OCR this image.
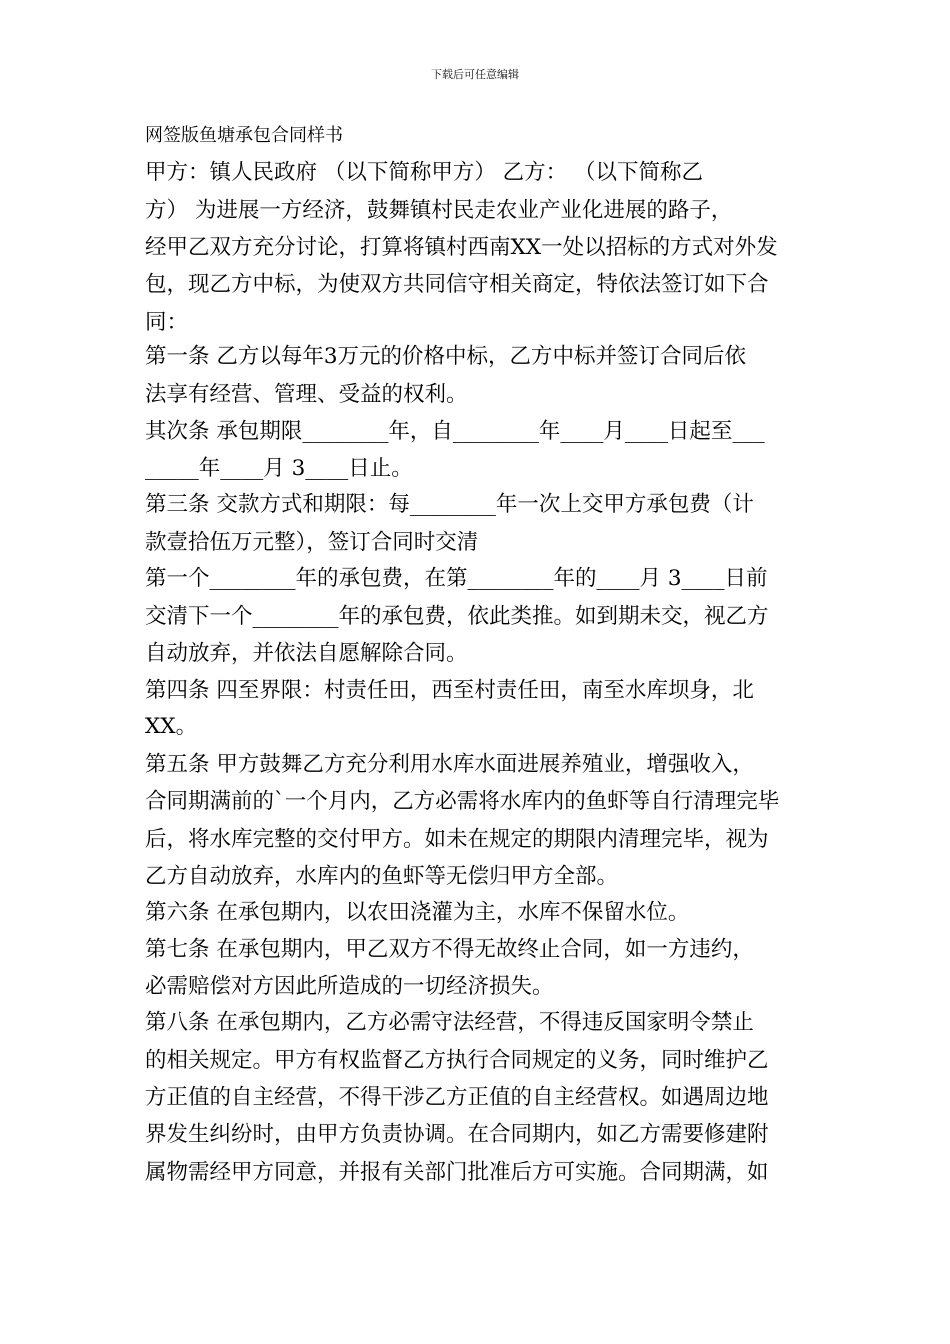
下载后可任意编辑
网签版鱼塘承包合同样书
甲方：镇人民政府 （以下简称甲方） 乙方： （以下简称乙
方） 为进展一方经济，鼓舞镇村民走农业产业化进展的路子，
经甲乙双方充分讨论，打算将镇村西南XX一处以招标的方式对外发
包，现乙方中标，为使双方共同信守相关商定，特依法签订如下合
同：
第一条 乙方以每年3万元的价格中标，乙方中标并签订合同后依
法享有经营、管理、受益的权利。
其次条 承包期限________年，自________年____月____日起至___
_____年____月 3____日止。
第三条 交款方式和期限：每________年一次上交甲方承包费（计
款壹拾伍万元整），签订合同时交清
第一个________年的承包费，在第________年的____月 3____日前
交清下一个________年的承包费，依此类推。如到期未交，视乙方
自动放弃，并依法自愿解除合同。
第四条 四至界限：村责任田，西至村责任田，南至水库坝身，北
XX。
第五条 甲方鼓舞乙方充分利用水库水面进展养殖业，增强收入，
合同期满前的`一个月内，乙方必需将水库内的鱼虾等自行清理完毕
后，将水库完整的交付甲方。如未在规定的期限内清理完毕，视为
乙方自动放弃，水库内的鱼虾等无偿归甲方全部。
第六条 在承包期内，以农田浇灌为主，水库不保留水位。
第七条 在承包期内，甲乙双方不得无故终止合同，如一方违约，
必需赔偿对方因此所造成的一切经济损失。
第八条 在承包期内，乙方必需守法经营，不得违反国家明令禁止
的相关规定。甲方有权监督乙方执行合同规定的义务，同时维护乙
方正值的自主经营，不得干涉乙方正值的自主经营权。如遇周边地
界发生纠纷时，由甲方负责协调。在合同期内，如乙方需要修建附
属物需经甲方同意，并报有关部门批准后方可实施。合同期满，如
